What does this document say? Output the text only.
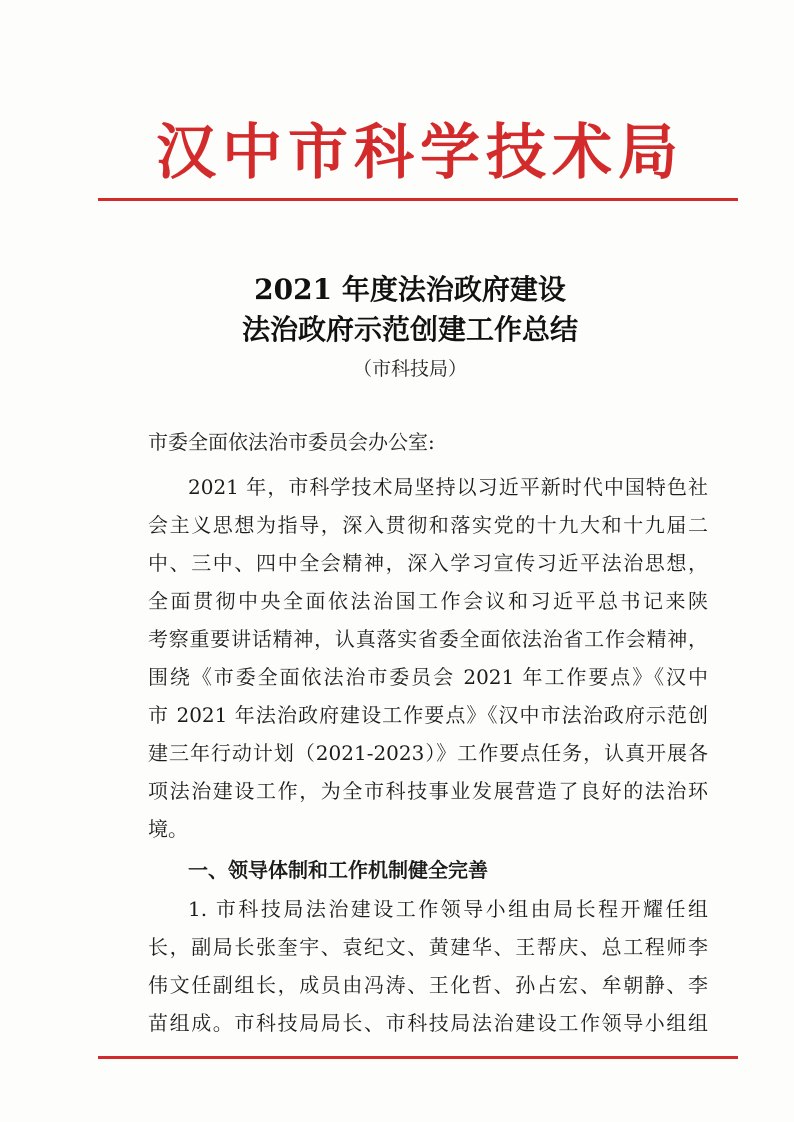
汉中市科学技术局
2021 年度法治政府建设
法治政府示范创建工作总结
（市科技局）
市委全面依法治市委员会办公室:
2021 年，市科学技术局坚持以习近平新时代中国特色社
会主义思想为指导，深入贯彻和落实党的十九大和十九届二
中、三中、四中全会精神，深入学习宣传习近平法治思想，
全面贯彻中央全面依法治国工作会议和习近平总书记来陕
考察重要讲话精神，认真落实省委全面依法治省工作会精神，
围绕《市委全面依法治市委员会 2021 年工作要点》《汉中
市 2021 年法治政府建设工作要点》《汉中市法治政府示范创
建三年行动计划（2021-2023）》工作要点任务，认真开展各
项法治建设工作，为全市科技事业发展营造了良好的法治环
境。
一、领导体制和工作机制健全完善
1. 市科技局法治建设工作领导小组由局长程开耀任组
长，副局长张奎宇、袁纪文、黄建华、王帮庆、总工程师李
伟文任副组长，成员由冯涛、王化哲、孙占宏、牟朝静、李
苗组成。市科技局局长、市科技局法治建设工作领导小组组
